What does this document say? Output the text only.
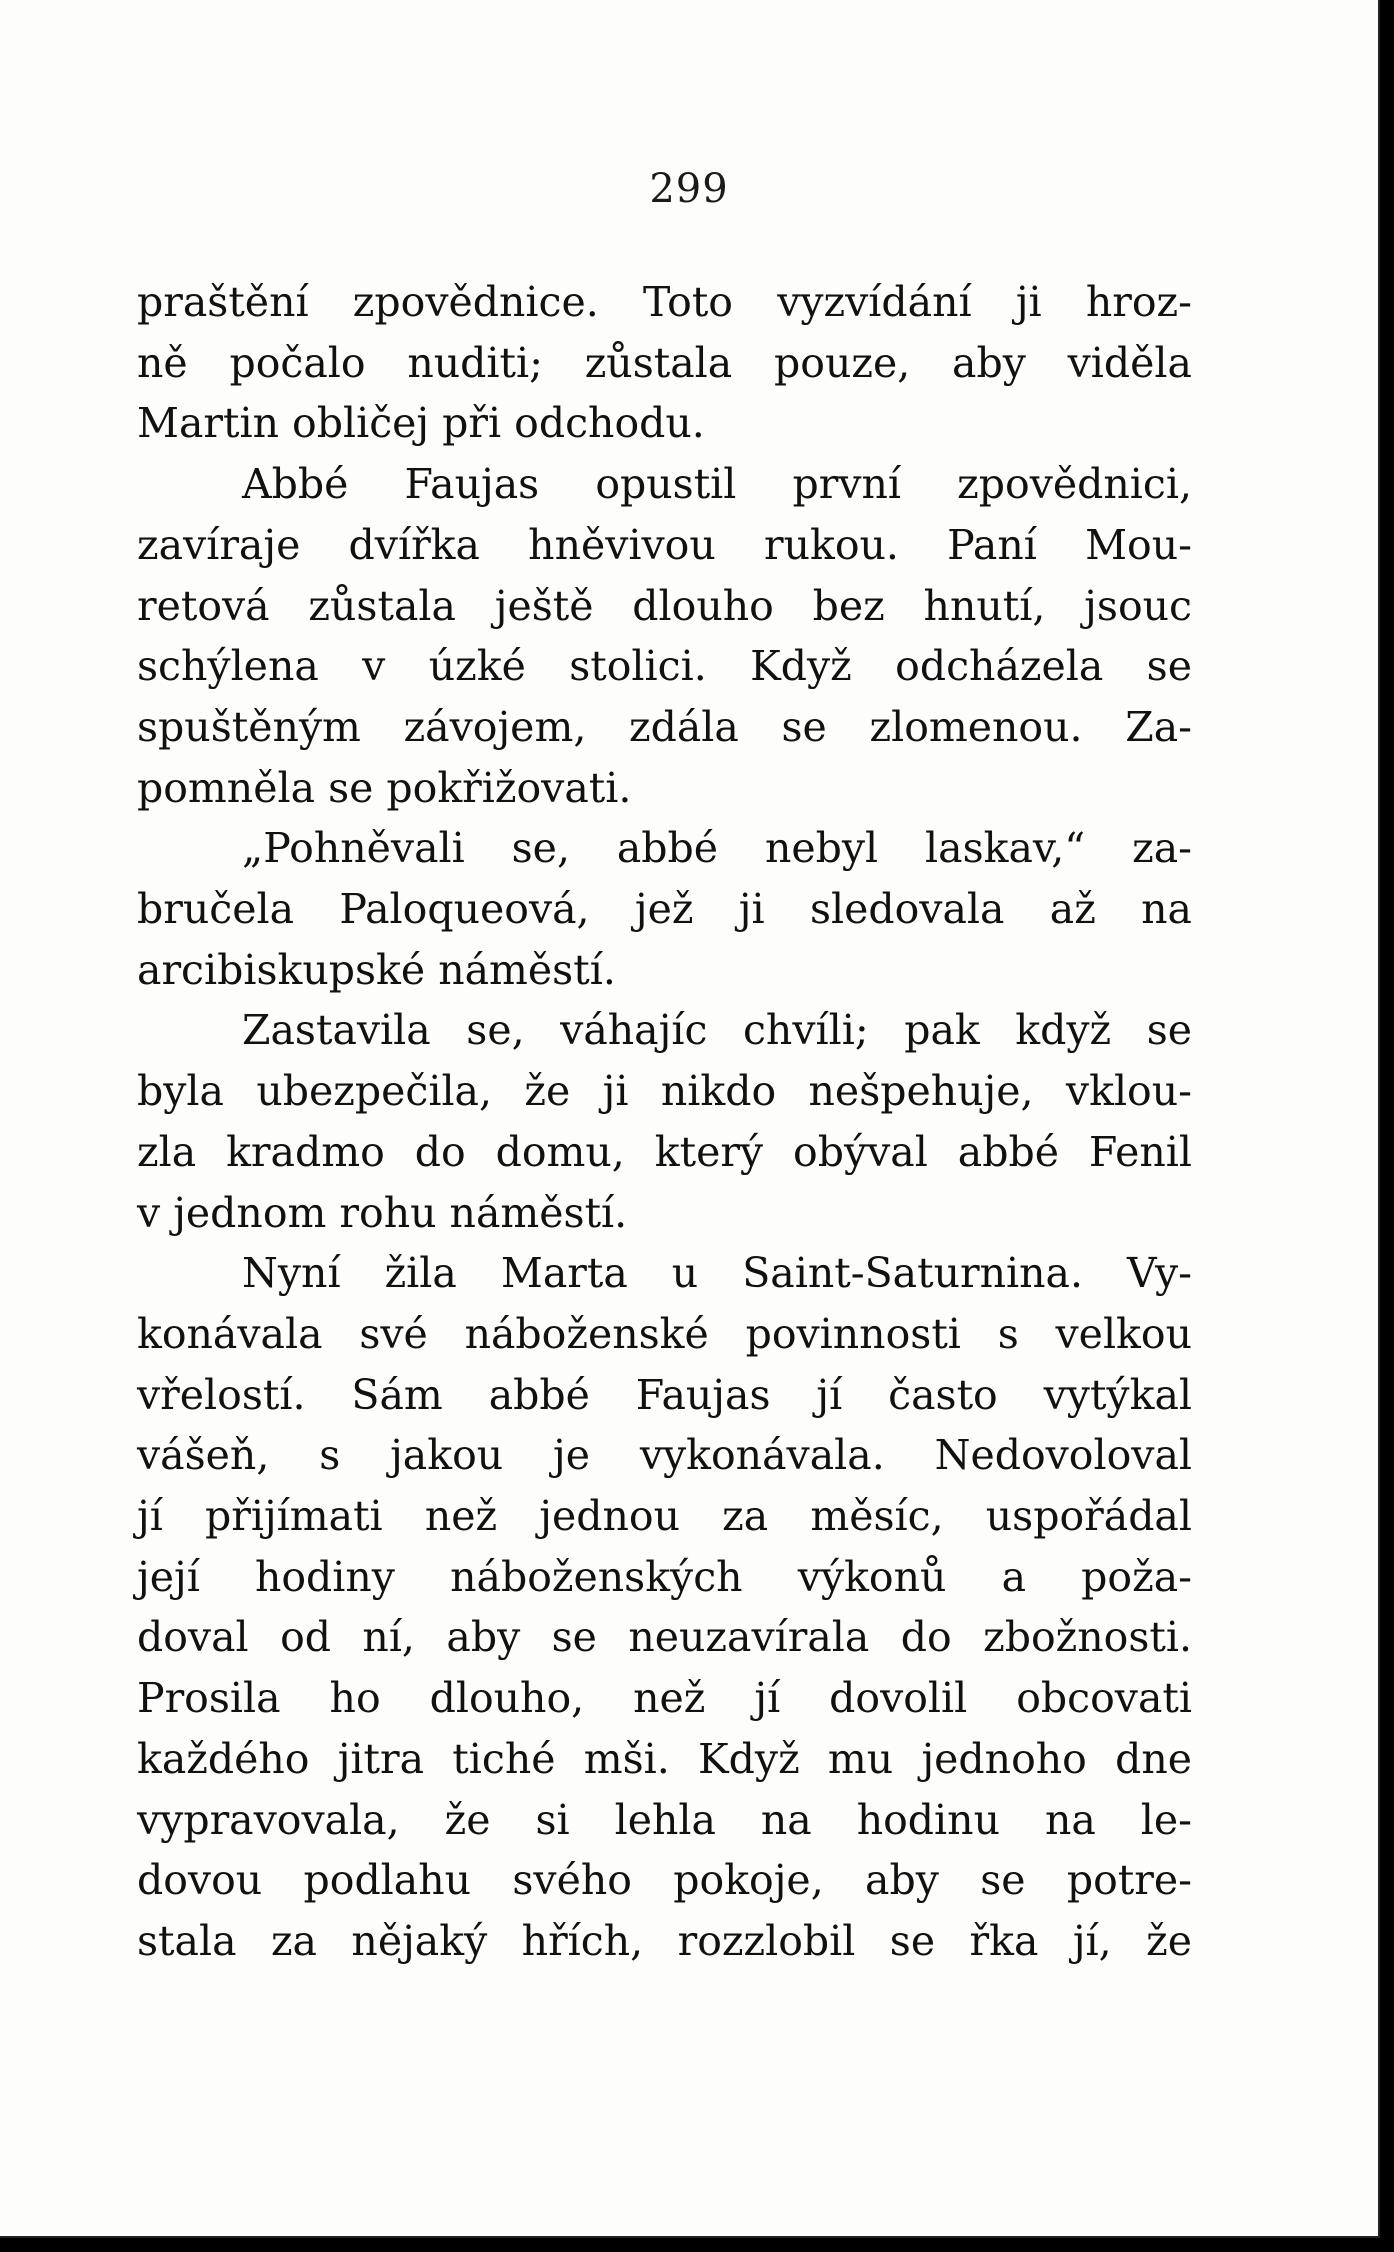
299
praštění zpovědnice. Toto vyzvídání ji hroz-
ně počalo nuditi; zůstala pouze, aby viděla
Martin obličej při odchodu.
Abbé Faujas opustil první zpovědnici,
zavíraje dvířka hněvivou rukou. Paní Mou-
retová zůstala ještě dlouho bez hnutí, jsouc
schýlena v úzké stolici. Když odcházela se
spuštěným závojem, zdála se zlomenou. Za-
pomněla se pokřižovati.
„Pohněvali se, abbé nebyl laskav,“ za-
bručela Paloqueová, jež ji sledovala až na
arcibiskupské náměstí.
Zastavila se, váhajíc chvíli; pak když se
byla ubezpečila, že ji nikdo nešpehuje, vklou-
zla kradmo do domu, který obýval abbé Fenil
v jednom rohu náměstí.
Nyní žila Marta u Saint-Saturnina. Vy-
konávala své náboženské povinnosti s velkou
vřelostí. Sám abbé Faujas jí často vytýkal
vášeň, s jakou je vykonávala. Nedovoloval
jí přijímati než jednou za měsíc, uspořádal
její hodiny náboženských výkonů a poža-
doval od ní, aby se neuzavírala do zbožnosti.
Prosila ho dlouho, než jí dovolil obcovati
každého jitra tiché mši. Když mu jednoho dne
vypravovala, že si lehla na hodinu na le-
dovou podlahu svého pokoje, aby se potre-
stala za nějaký hřích, rozzlobil se řka jí, že
